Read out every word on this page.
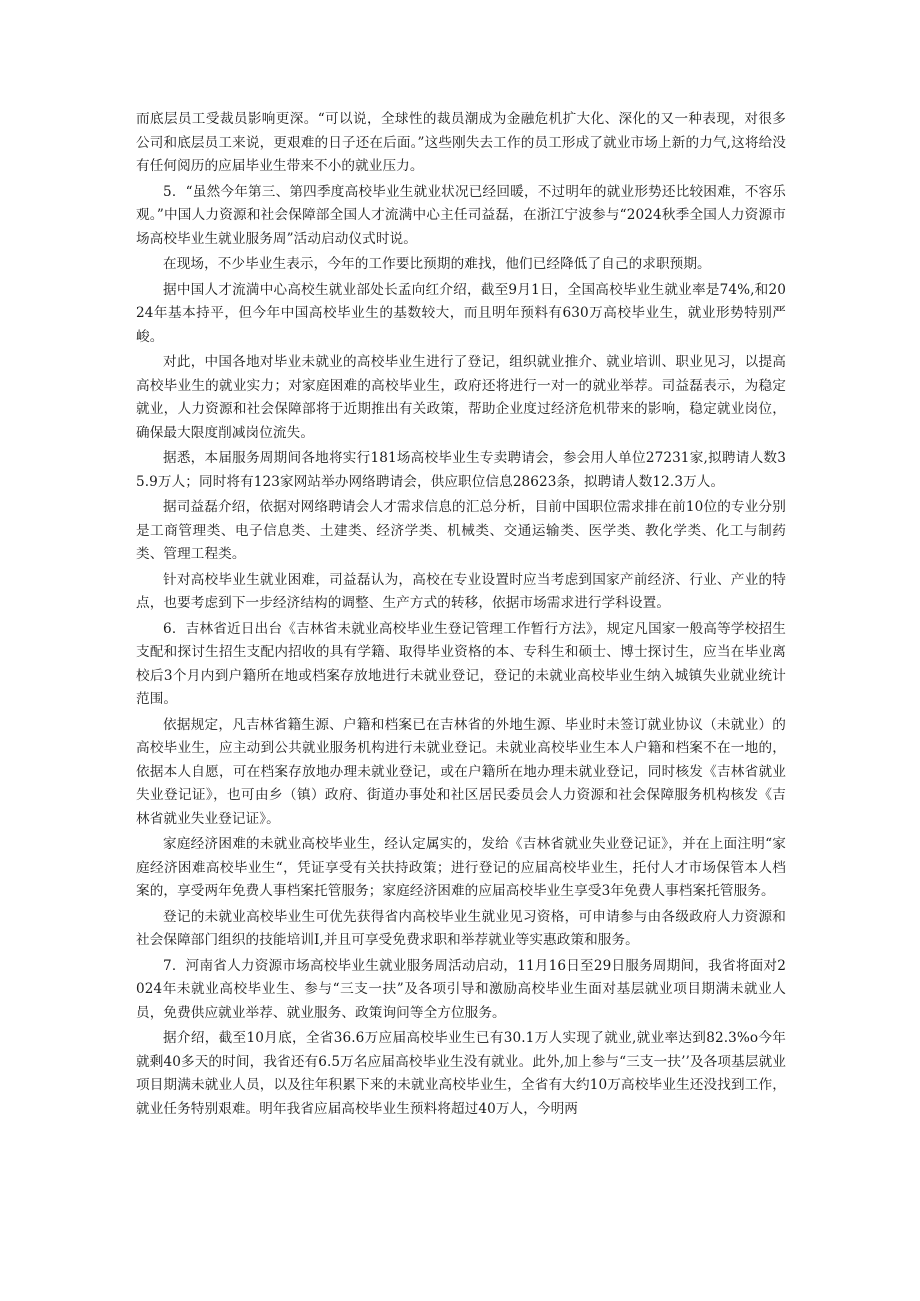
而底层员工受裁员影响更深。“可以说，全球性的裁员潮成为金融危机扩大化、深化的又一种表现，对很多公司和底层员工来说，更艰难的日子还在后面。”这些刚失去工作的员工形成了就业市场上新的力气,这将给没有任何阅历的应届毕业生带来不小的就业压力。

5．“虽然今年第三、第四季度高校毕业生就业状况已经回暖，不过明年的就业形势还比较困难，不容乐观。”中国人力资源和社会保障部全国人才流满中心主任司益磊，在浙江宁波参与“2024秋季全国人力资源市场高校毕业生就业服务周”活动启动仪式时说。

在现场，不少毕业生表示，今年的工作要比预期的难找，他们已经降低了自己的求职预期。

据中国人才流満中心高校生就业部处长孟向红介绍，截至9月1日，全国高校毕业生就业率是74%,和2024年基本持平，但今年中国高校毕业生的基数较大，而且明年预料有630万高校毕业生，就业形势特别严峻。

对此，中国各地对毕业未就业的高校毕业生进行了登记，组织就业推介、就业培训、职业见习，以提高高校毕业生的就业实力；对家庭困难的高校毕业生，政府还将进行一对一的就业举荐。司益磊表示，为稳定就业，人力资源和社会保障部将于近期推出有关政策，帮助企业度过经济危机带来的影响，稳定就业岗位，确保最大限度削减岗位流失。

据悉，本届服务周期间各地将实行181场高校毕业生专卖聘请会，参会用人单位27231家,拟聘请人数35.9万人；同时将有123家网站举办网络聘请会，供应职位信息28623条，拟聘请人数12.3万人。

据司益磊介绍，依据对网络聘请会人才需求信息的汇总分析，目前中国职位需求排在前10位的专业分别是工商管理类、电子信息类、土建类、经济学类、机械类、交通运输类、医学类、教化学类、化工与制药类、管理工程类。

针对高校毕业生就业困难，司益磊认为，高校在专业设置时应当考虑到国家产前经济、行业、产业的特点，也要考虑到下一步经济结构的调整、生产方式的转移，依据市场需求进行学科设置。

6．吉林省近日出台《吉林省未就业高校毕业生登记管理工作暂行方法》，规定凡国家一般高等学校招生支配和探讨生招生支配内招收的具有学籍、取得毕业资格的本、专科生和硕士、博士探讨生，应当在毕业离校后3个月内到户籍所在地或档案存放地进行未就业登记，登记的未就业高校毕业生纳入城镇失业就业统计范围。

依据规定，凡吉林省籍生源、户籍和档案已在吉林省的外地生源、毕业时未签订就业协议（未就业）的高校毕业生，应主动到公共就业服务机构进行未就业登记。未就业高校毕业生本人户籍和档案不在一地的，依据本人自愿，可在档案存放地办理未就业登记，或在户籍所在地办理未就业登记，同时核发《吉林省就业失业登记证》，也可由乡（镇）政府、街道办事处和社区居民委员会人力资源和社会保障服务机构核发《吉林省就业失业登记证》。

家庭经济困难的未就业高校毕业生，经认定属实的，发给《吉林省就业失业登记证》，并在上面注明“家庭经济困难高校毕业生“，凭证享受有关扶持政策；进行登记的应届高校毕业生，托付人才市场保管本人档案的，享受两年免费人事档案托管服务；家庭经济困难的应届高校毕业生享受3年免费人事档案托管服务。

登记的未就业高校毕业生可优先获得省内高校毕业生就业见习资格，可申请参与由各级政府人力资源和社会保障部门组织的技能培训I,并且可享受免费求职和举荐就业等实惠政策和服务。

7．河南省人力资源市场高校毕业生就业服务周活动启动，11月16日至29日服务周期间，我省将面对2024年未就业高校毕业生、参与“三支一扶”及各项引导和激励高校毕业生面对基层就业项目期满未就业人员，免费供应就业举荐、就业服务、政策询问等全方位服务。

据介绍，截至10月底，全省36.6万应届高校毕业生已有30.1万人实现了就业,就业率达到82.3%o今年就剩40多天的时间，我省还有6.5万名应届高校毕业生没有就业。此外,加上参与“三支一扶’’及各项基层就业项目期满未就业人员，以及往年积累下来的未就业高校毕业生，全省有大约10万高校毕业生还没找到工作，就业任务特别艰难。明年我省应届高校毕业生预料将超过40万人，今明两
